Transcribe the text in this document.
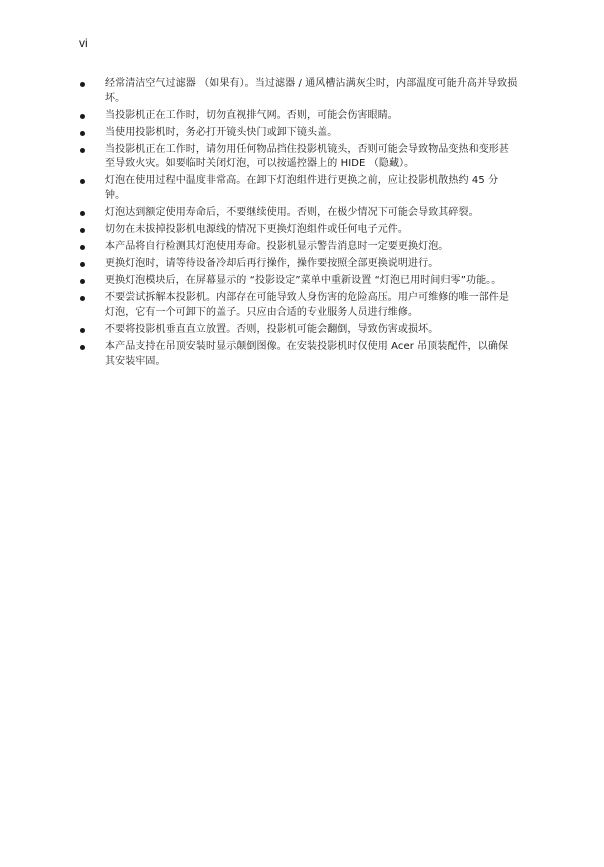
vi
经常清洁空气过滤器 （如果有）。当过滤器 / 通风槽沾满灰尘时，内部温度可能升高并导致损坏。
当投影机正在工作时，切勿直视排气网。否则，可能会伤害眼睛。
当使用投影机时，务必打开镜头快门或卸下镜头盖。
当投影机正在工作时，请勿用任何物品挡住投影机镜头，否则可能会导致物品变热和变形甚至导致火灾。如要临时关闭灯泡，可以按遥控器上的 HIDE （隐藏）。
灯泡在使用过程中温度非常高。在卸下灯泡组件进行更换之前，应让投影机散热约 45 分钟。
灯泡达到额定使用寿命后，不要继续使用。否则，在极少情况下可能会导致其碎裂。
切勿在未拔掉投影机电源线的情况下更换灯泡组件或任何电子元件。
本产品将自行检测其灯泡使用寿命。投影机显示警告消息时一定要更换灯泡。
更换灯泡时，请等待设备冷却后再行操作，操作要按照全部更换说明进行。
更换灯泡模块后，在屏幕显示的 “投影设定”菜单中重新设置 “灯泡已用时间归零”功能。。
不要尝试拆解本投影机。内部存在可能导致人身伤害的危险高压。用户可维修的唯一部件是灯泡，它有一个可卸下的盖子。只应由合适的专业服务人员进行维修。
不要将投影机垂直直立放置。否则，投影机可能会翻倒，导致伤害或损坏。
本产品支持在吊顶安装时显示颠倒图像。在安装投影机时仅使用 Acer 吊顶装配件，以确保其安装牢固。
